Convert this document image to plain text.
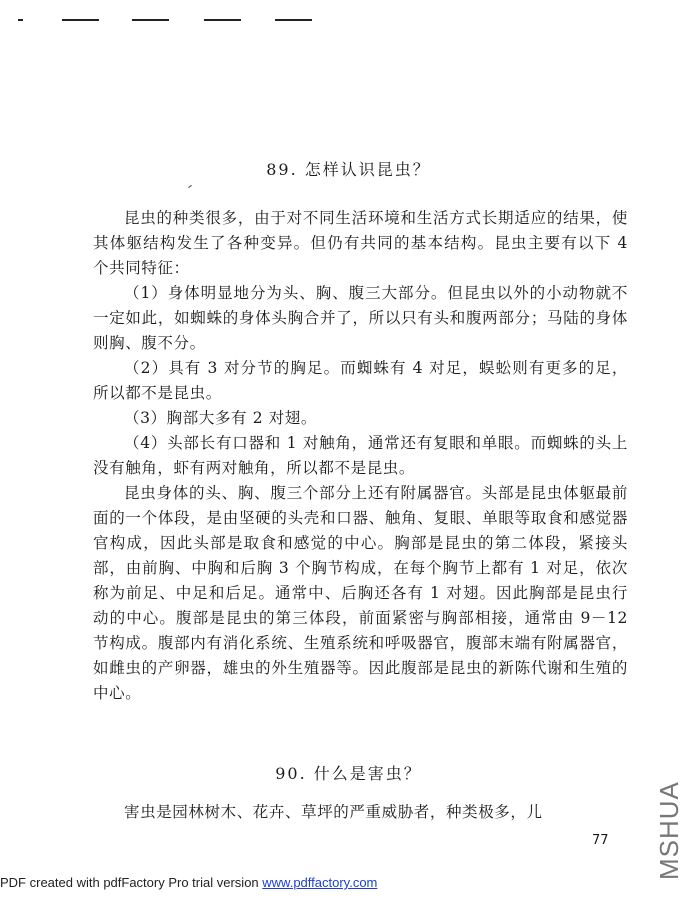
89. 怎样认识昆虫？

昆虫的种类很多，由于对不同生活环境和生活方式长期适应的结果，使其体躯结构发生了各种变异。但仍有共同的基本结构。昆虫主要有以下 4 个共同特征：

（1）身体明显地分为头、胸、腹三大部分。但昆虫以外的小动物就不一定如此，如蜘蛛的身体头胸合并了，所以只有头和腹两部分；马陆的身体则胸、腹不分。

（2）具有 3 对分节的胸足。而蜘蛛有 4 对足，蜈蚣则有更多的足，所以都不是昆虫。

（3）胸部大多有 2 对翅。

（4）头部长有口器和 1 对触角，通常还有复眼和单眼。而蜘蛛的头上没有触角，虾有两对触角，所以都不是昆虫。

昆虫身体的头、胸、腹三个部分上还有附属器官。头部是昆虫体躯最前面的一个体段，是由坚硬的头壳和口器、触角、复眼、单眼等取食和感觉器官构成，因此头部是取食和感觉的中心。胸部是昆虫的第二体段，紧接头部，由前胸、中胸和后胸 3 个胸节构成，在每个胸节上都有 1 对足，依次称为前足、中足和后足。通常中、后胸还各有 1 对翅。因此胸部是昆虫行动的中心。腹部是昆虫的第三体段，前面紧密与胸部相接，通常由 9－12 节构成。腹部内有消化系统、生殖系统和呼吸器官，腹部末端有附属器官，如雌虫的产卵器，雄虫的外生殖器等。因此腹部是昆虫的新陈代谢和生殖的中心。

90. 什么是害虫？

害虫是园林树木、花卉、草坪的严重威胁者，种类极多，儿

77
PDF created with pdfFactory Pro trial version www.pdffactory.com
MSHUA
